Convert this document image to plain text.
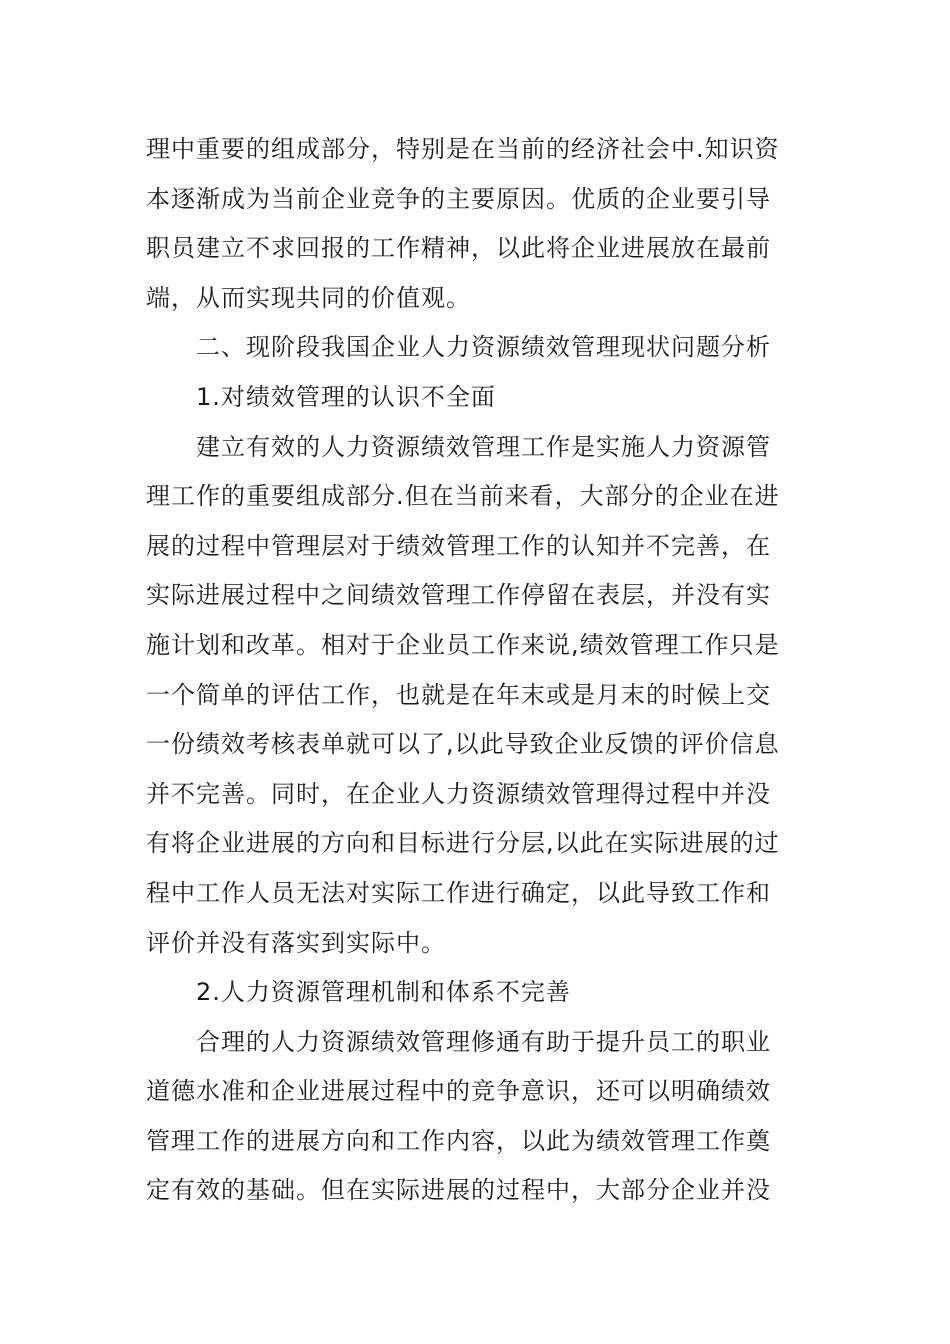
理中重要的组成部分，特别是在当前的经济社会中.知识资
本逐渐成为当前企业竞争的主要原因。优质的企业要引导
职员建立不求回报的工作精神，以此将企业进展放在最前
端，从而实现共同的价值观。
二、现阶段我国企业人力资源绩效管理现状问题分析
1.对绩效管理的认识不全面
建立有效的人力资源绩效管理工作是实施人力资源管
理工作的重要组成部分.但在当前来看，大部分的企业在进
展的过程中管理层对于绩效管理工作的认知并不完善，在
实际进展过程中之间绩效管理工作停留在表层，并没有实
施计划和改革。相对于企业员工作来说,绩效管理工作只是
一个简单的评估工作，也就是在年末或是月末的时候上交
一份绩效考核表单就可以了,以此导致企业反馈的评价信息
并不完善。同时，在企业人力资源绩效管理得过程中并没
有将企业进展的方向和目标进行分层,以此在实际进展的过
程中工作人员无法对实际工作进行确定，以此导致工作和
评价并没有落实到实际中。
2.人力资源管理机制和体系不完善
合理的人力资源绩效管理修通有助于提升员工的职业
道德水准和企业进展过程中的竞争意识，还可以明确绩效
管理工作的进展方向和工作内容，以此为绩效管理工作奠
定有效的基础。但在实际进展的过程中，大部分企业并没
